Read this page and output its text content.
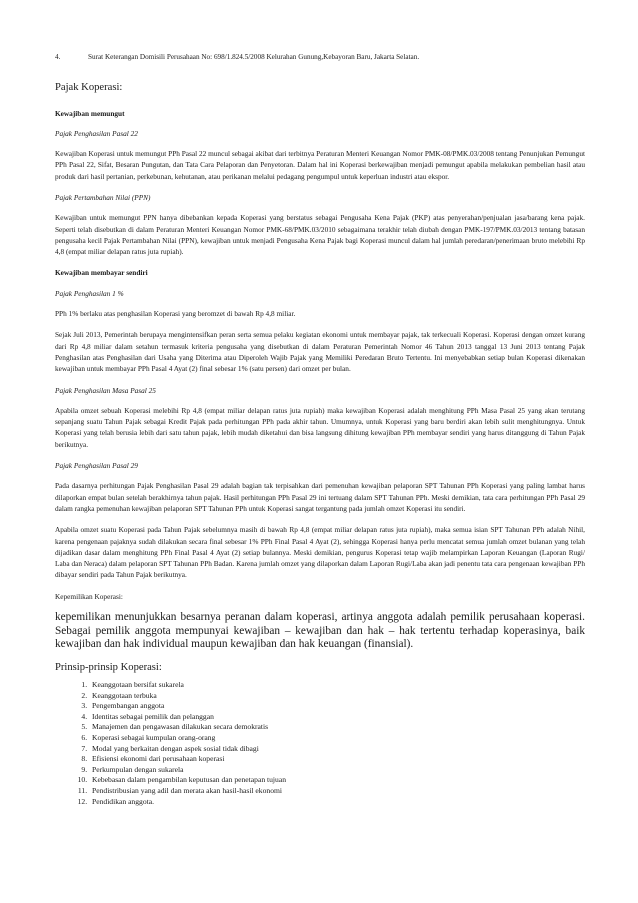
4.	Surat Keterangan Domisili Perusahaan No: 698/1.824.5/2008 Kelurahan Gunung,Kebayoran Baru, Jakarta Selatan.

Pajak Koperasi:

Kewajiban memungut

Pajak Penghasilan Pasal 22

Kewajiban Koperasi untuk memungut PPh Pasal 22 muncul sebagai akibat dari terbitnya Peraturan Menteri Keuangan Nomor PMK-08/PMK.03/2008 tentang Penunjukan Pemungut PPh Pasal 22, Sifat, Besaran Pungutan, dan Tata Cara Pelaporan dan Penyetoran. Dalam hal ini Koperasi berkewajiban menjadi pemungut apabila melakukan pembelian hasil atau produk dari hasil pertanian, perkebunan, kehutanan, atau perikanan melalui pedagang pengumpul untuk keperluan industri atau ekspor.

Pajak Pertambahan Nilai (PPN)

Kewajiban untuk memungut PPN hanya dibebankan kepada Koperasi yang berstatus sebagai Pengusaha Kena Pajak (PKP) atas penyerahan/penjualan jasa/barang kena pajak. Seperti telah disebutkan di dalam Peraturan Menteri Keuangan Nomor PMK-68/PMK.03/2010 sebagaimana terakhir telah diubah dengan PMK-197/PMK.03/2013 tentang batasan pengusaha kecil Pajak Pertambahan Nilai (PPN), kewajiban untuk menjadi Pengusaha Kena Pajak bagi Koperasi muncul dalam hal jumlah peredaran/penerimaan bruto melebihi Rp 4,8 (empat miliar delapan ratus juta rupiah).

Kewajiban membayar sendiri

Pajak Penghasilan 1 %

PPh 1% berlaku atas penghasilan Koperasi yang beromzet di bawah Rp 4,8 miliar.

Sejak Juli 2013, Pemerintah berupaya mengintensifkan peran serta semua pelaku kegiatan ekonomi untuk membayar pajak, tak terkecuali Koperasi. Koperasi dengan omzet kurang dari Rp 4,8 miliar dalam setahun termasuk kriteria pengusaha yang disebutkan di dalam Peraturan Pemerintah Nomor 46 Tahun 2013 tanggal 13 Juni 2013 tentang Pajak Penghasilan atas Penghasilan dari Usaha yang Diterima atau Diperoleh Wajib Pajak yang Memiliki Peredaran Bruto Tertentu. Ini menyebabkan setiap bulan Koperasi dikenakan kewajiban untuk membayar PPh Pasal 4 Ayat (2) final sebesar 1% (satu persen) dari omzet per bulan.

Pajak Penghasilan Masa Pasal 25

Apabila omzet sebuah Koperasi melebihi Rp 4,8 (empat miliar delapan ratus juta rupiah) maka kewajiban Koperasi adalah menghitung PPh Masa Pasal 25 yang akan terutang sepanjang suatu Tahun Pajak sebagai Kredit Pajak pada perhitungan PPh pada akhir tahun. Umumnya, untuk Koperasi yang baru berdiri akan lebih sulit menghitungnya. Untuk Koperasi yang telah berusia lebih dari satu tahun pajak, lebih mudah diketahui dan bisa langsung dihitung kewajiban PPh membayar sendiri yang harus ditanggung di Tahun Pajak berikutnya.

Pajak Penghasilan Pasal 29

Pada dasarnya perhitungan Pajak Penghasilan Pasal 29 adalah bagian tak terpisahkan dari pemenuhan kewajiban pelaporan SPT Tahunan PPh Koperasi yang paling lambat harus dilaporkan empat bulan setelah berakhirnya tahun pajak. Hasil perhitungan PPh Pasal 29 ini tertuang dalam SPT Tahunan PPh. Meski demikian, tata cara perhitungan PPh Pasal 29 dalam rangka pemenuhan kewajiban pelaporan SPT Tahunan PPh untuk Koperasi sangat tergantung pada jumlah omzet Koperasi itu sendiri.

Apabila omzet suatu Koperasi pada Tahun Pajak sebelumnya masih di bawah Rp 4,8 (empat miliar delapan ratus juta rupiah), maka semua isian SPT Tahunan PPh adalah Nihil, karena pengenaan pajaknya sudah dilakukan secara final sebesar 1% PPh Final Pasal 4 Ayat (2), sehingga Koperasi hanya perlu mencatat semua jumlah omzet bulanan yang telah dijadikan dasar dalam menghitung PPh Final Pasal 4 Ayat (2) setiap bulannya. Meski demikian, pengurus Koperasi tetap wajib melampirkan Laporan Keuangan (Laporan Rugi/ Laba dan Neraca) dalam pelaporan SPT Tahunan PPh Badan. Karena jumlah omzet yang dilaporkan dalam Laporan Rugi/Laba akan jadi penentu tata cara pengenaan kewajiban PPh dibayar sendiri pada Tahun Pajak berikutnya.

Kepemilikan Koperasi:

kepemilikan menunjukkan besarnya peranan dalam koperasi, artinya anggota adalah pemilik perusahaan koperasi. Sebagai pemilik anggota mempunyai kewajiban – kewajiban dan hak – hak tertentu terhadap koperasinya, baik kewajiban dan hak individual maupun kewajiban dan hak keuangan (finansial).

Prinsip-prinsip Koperasi:

1. Keanggotaan bersifat sukarela
2. Keanggotaan terbuka
3. Pengembangan anggota
4. Identitas sebagai pemilik dan pelanggan
5. Manajemen dan pengawasan dilakukan secara demokratis
6. Koperasi sebagai kumpulan orang-orang
7. Modal yang berkaitan dengan aspek sosial tidak dibagi
8. Efisiensi ekonomi dari perusahaan koperasi
9. Perkumpulan dengan sukarela
10. Kebebasan dalam pengambilan keputusan dan penetapan tujuan
11. Pendistribusian yang adil dan merata akan hasil-hasil ekonomi
12. Pendidikan anggota.
